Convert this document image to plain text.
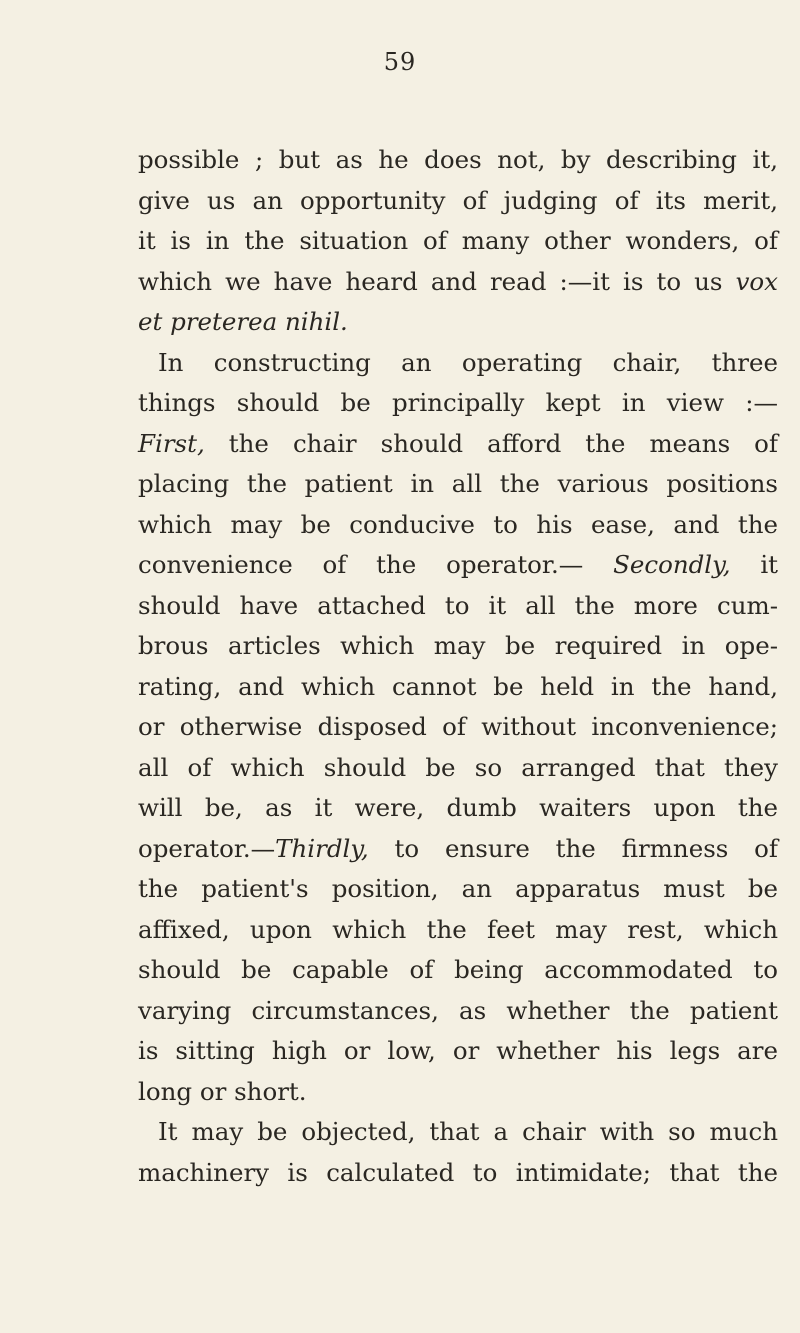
59
possible ; but as he does not, by describing it,
give us an opportunity of judging of its merit,
it is in the situation of many other wonders, of
which we have heard and read :—it is to us vox
et preterea nihil.
In constructing an operating chair, three
things should be principally kept in view :—
First, the chair should afford the means of
placing the patient in all the various positions
which may be conducive to his ease, and the
convenience of the operator.— Secondly, it
should have attached to it all the more cum-
brous articles which may be required in ope-
rating, and which cannot be held in the hand,
or otherwise disposed of without inconvenience;
all of which should be so arranged that they
will be, as it were, dumb waiters upon the
operator.—Thirdly, to ensure the firmness of
the patient's position, an apparatus must be
affixed, upon which the feet may rest, which
should be capable of being accommodated to
varying circumstances, as whether the patient
is sitting high or low, or whether his legs are
long or short.
It may be objected, that a chair with so much
machinery is calculated to intimidate; that the
